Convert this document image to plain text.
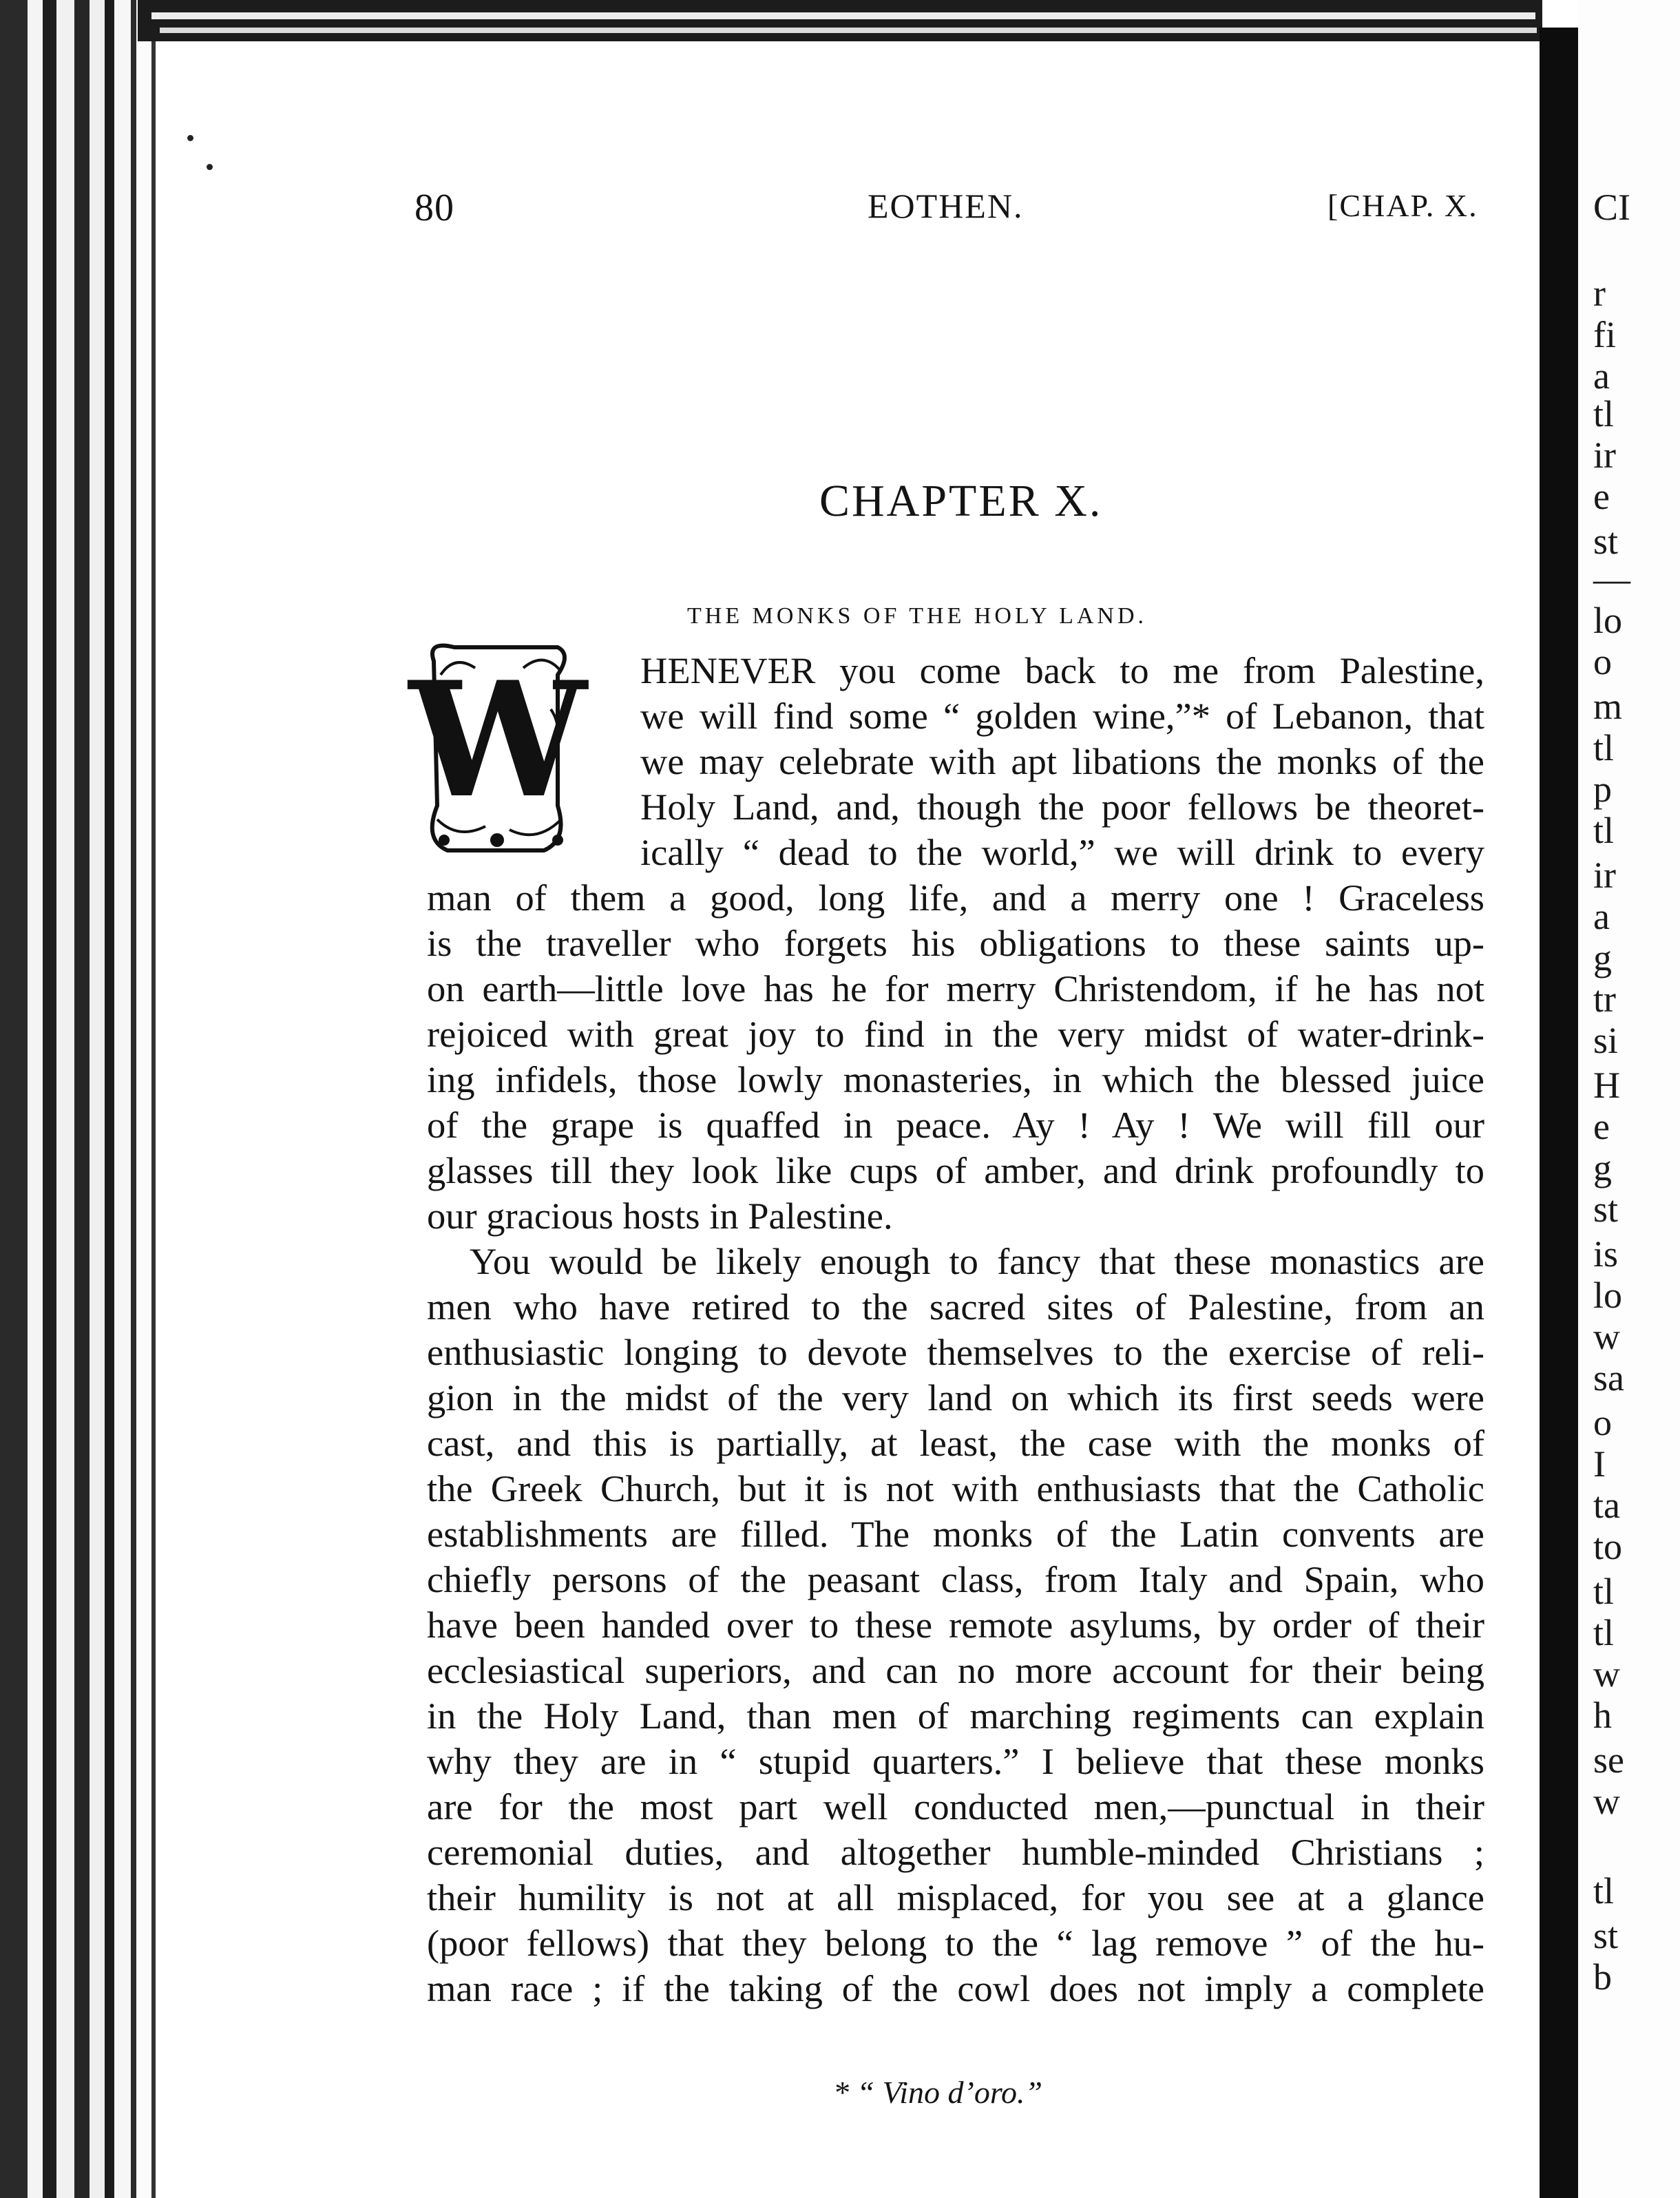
CI
r
fi
a
tl
ir
e
st
—
lo
o
m
tl
p
tl
ir
a
g
tr
si
H
e
g
st
is
lo
w
sa
o
I
ta
to
tl
tl
w
h
se
w
tl
st
b
80	EOTHEN.	[CHAP. X.
CHAPTER X.
THE MONKS OF THE HOLY LAND.
W HENEVER you come back to me from Palestine,
we will find some “ golden wine,”* of Lebanon, that
we may celebrate with apt libations the monks of the
Holy Land, and, though the poor fellows be theoret-
ically “ dead to the world,” we will drink to every
man of them a good, long life, and a merry one ! Graceless
is the traveller who forgets his obligations to these saints up-
on earth—little love has he for merry Christendom, if he has not
rejoiced with great joy to find in the very midst of water-drink-
ing infidels, those lowly monasteries, in which the blessed juice
of the grape is quaffed in peace. Ay ! Ay ! We will fill our
glasses till they look like cups of amber, and drink profoundly to
our gracious hosts in Palestine.
You would be likely enough to fancy that these monastics are
men who have retired to the sacred sites of Palestine, from an
enthusiastic longing to devote themselves to the exercise of reli-
gion in the midst of the very land on which its first seeds were
cast, and this is partially, at least, the case with the monks of
the Greek Church, but it is not with enthusiasts that the Catholic
establishments are filled. The monks of the Latin convents are
chiefly persons of the peasant class, from Italy and Spain, who
have been handed over to these remote asylums, by order of their
ecclesiastical superiors, and can no more account for their being
in the Holy Land, than men of marching regiments can explain
why they are in “ stupid quarters.” I believe that these monks
are for the most part well conducted men,—punctual in their
ceremonial duties, and altogether humble-minded Christians ;
their humility is not at all misplaced, for you see at a glance
(poor fellows) that they belong to the “ lag remove ” of the hu-
man race ; if the taking of the cowl does not imply a complete
* “ Vino d’oro.”
